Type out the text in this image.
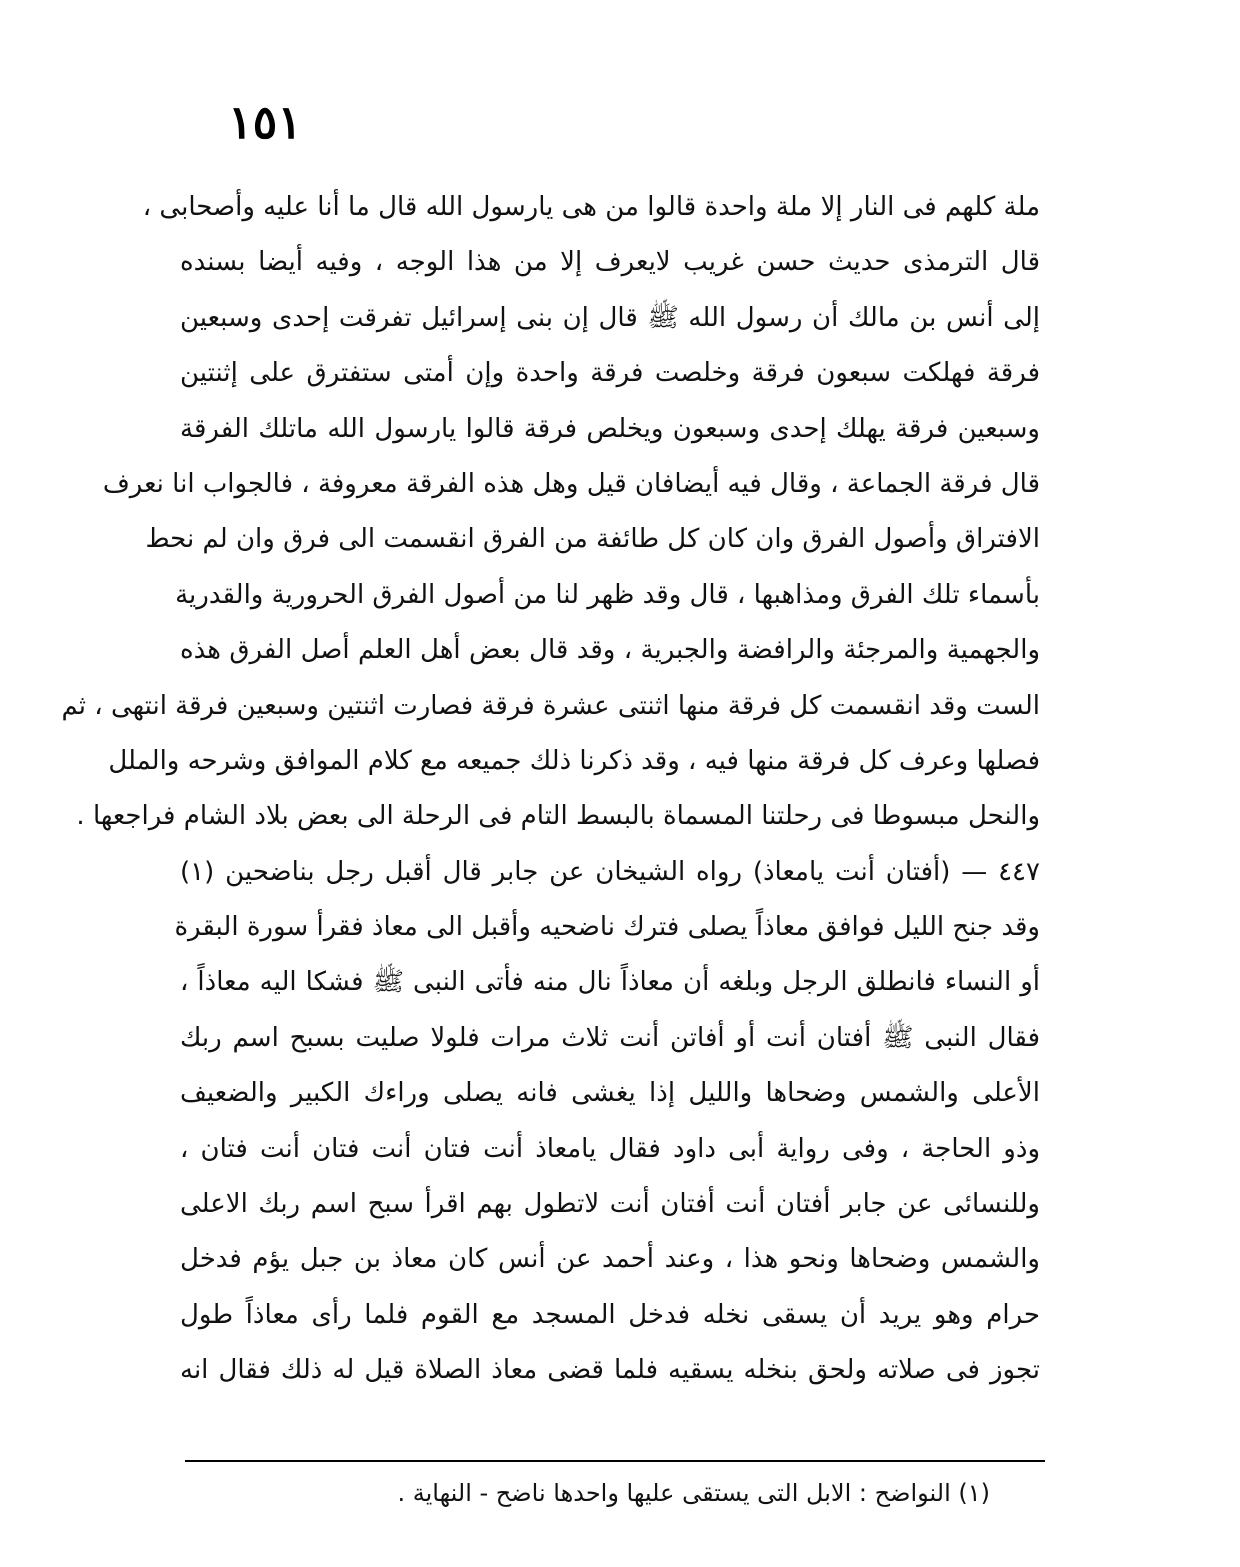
١٥١
ملة كلهم فى النار إلا ملة واحدة قالوا من هى يارسول الله قال ما أنا عليه وأصحابى ،
قال الترمذى حديث حسن غريب لايعرف إلا من هذا الوجه ، وفيه أيضا بسنده
إلى أنس بن مالك أن رسول الله ﷺ قال إن بنى إسرائيل تفرقت إحدى وسبعين
فرقة فهلكت سبعون فرقة وخلصت فرقة واحدة وإن أمتى ستفترق على إثنتين
وسبعين فرقة يهلك إحدى وسبعون ويخلص فرقة قالوا يارسول الله ماتلك الفرقة
قال فرقة الجماعة ، وقال فيه أيضافان قيل وهل هذه الفرقة معروفة ، فالجواب انا نعرف
الافتراق وأصول الفرق وان كان كل طائفة من الفرق انقسمت الى فرق وان لم نحط
بأسماء تلك الفرق ومذاهبها ، قال وقد ظهر لنا من أصول الفرق الحرورية والقدرية
والجهمية والمرجئة والرافضة والجبرية ، وقد قال بعض أهل العلم أصل الفرق هذه
الست وقد انقسمت كل فرقة منها اثنتى عشرة فرقة فصارت اثنتين وسبعين فرقة انتهى ، ثم
فصلها وعرف كل فرقة منها فيه ، وقد ذكرنا ذلك جميعه مع كلام الموافق وشرحه والملل
والنحل مبسوطا فى رحلتنا المسماة بالبسط التام فى الرحلة الى بعض بلاد الشام فراجعها .
٤٤٧ — (أفتان أنت يامعاذ) رواه الشيخان عن جابر قال أقبل رجل بناضحين (١)
وقد جنح الليل فوافق معاذاً يصلى فترك ناضحيه وأقبل الى معاذ فقرأ سورة البقرة
أو النساء فانطلق الرجل وبلغه أن معاذاً نال منه فأتى النبى ﷺ فشكا اليه معاذاً ،
فقال النبى ﷺ أفتان أنت أو أفاتن أنت ثلاث مرات فلولا صليت بسبح اسم ربك
الأعلى والشمس وضحاها والليل إذا يغشى فانه يصلى وراءك الكبير والضعيف
وذو الحاجة ، وفى رواية أبى داود فقال يامعاذ أنت فتان أنت فتان أنت فتان ،
وللنسائى عن جابر أفتان أنت أفتان أنت لاتطول بهم اقرأ سبح اسم ربك الاعلى
والشمس وضحاها ونحو هذا ، وعند أحمد عن أنس كان معاذ بن جبل يؤم فدخل
حرام وهو يريد أن يسقى نخله فدخل المسجد مع القوم فلما رأى معاذاً طول
تجوز فى صلاته ولحق بنخله يسقيه فلما قضى معاذ الصلاة قيل له ذلك فقال انه
(١) النواضح : الابل التى يستقى عليها واحدها ناضح - النهاية .
